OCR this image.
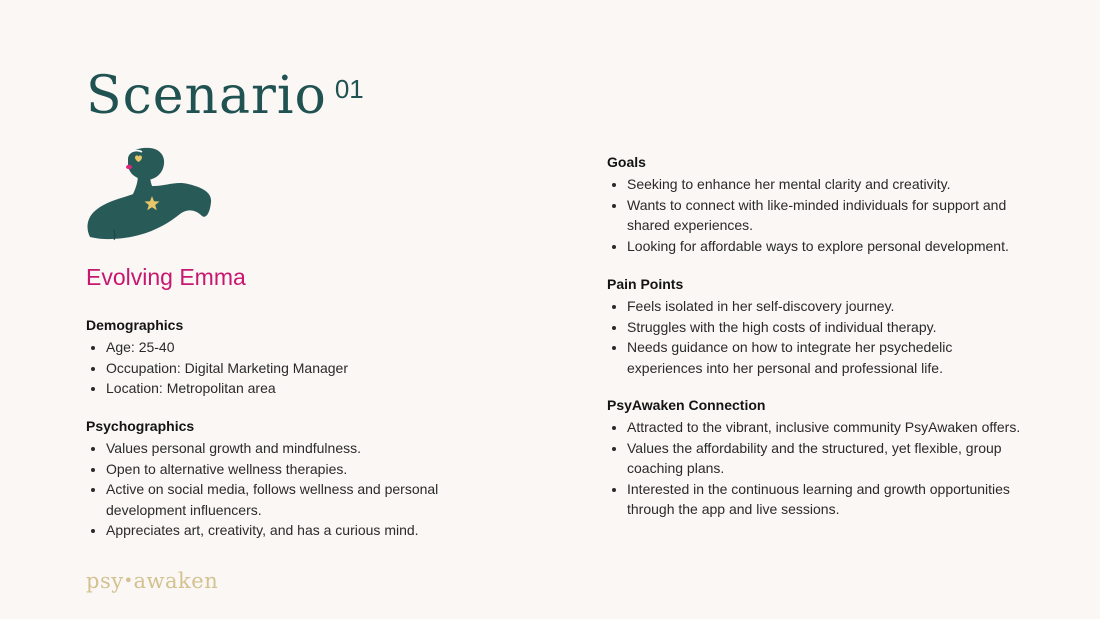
Scenario $^{01}$
Evolving Emma
Demographics
• Age: 25-40
• Occupation: Digital Marketing Manager
• Location: Metropolitan area
Psychographics
• Values personal growth and mindfulness.
• Open to alternative wellness therapies.
• Active on social media, follows wellness and personal development influencers.
• Appreciates art, creativity, and has a curious mind.
Goals
• Seeking to enhance her mental clarity and creativity.
• Wants to connect with like-minded individuals for support and shared experiences.
• Looking for affordable ways to explore personal development.
Pain Points
• Feels isolated in her self-discovery journey.
• Struggles with the high costs of individual therapy.
• Needs guidance on how to integrate her psychedelic experiences into her personal and professional life.
PsyAwaken Connection
• Attracted to the vibrant, inclusive community PsyAwaken offers.
• Values the affordability and the structured, yet flexible, group coaching plans.
• Interested in the continuous learning and growth opportunities through the app and live sessions.
psy•awaken
